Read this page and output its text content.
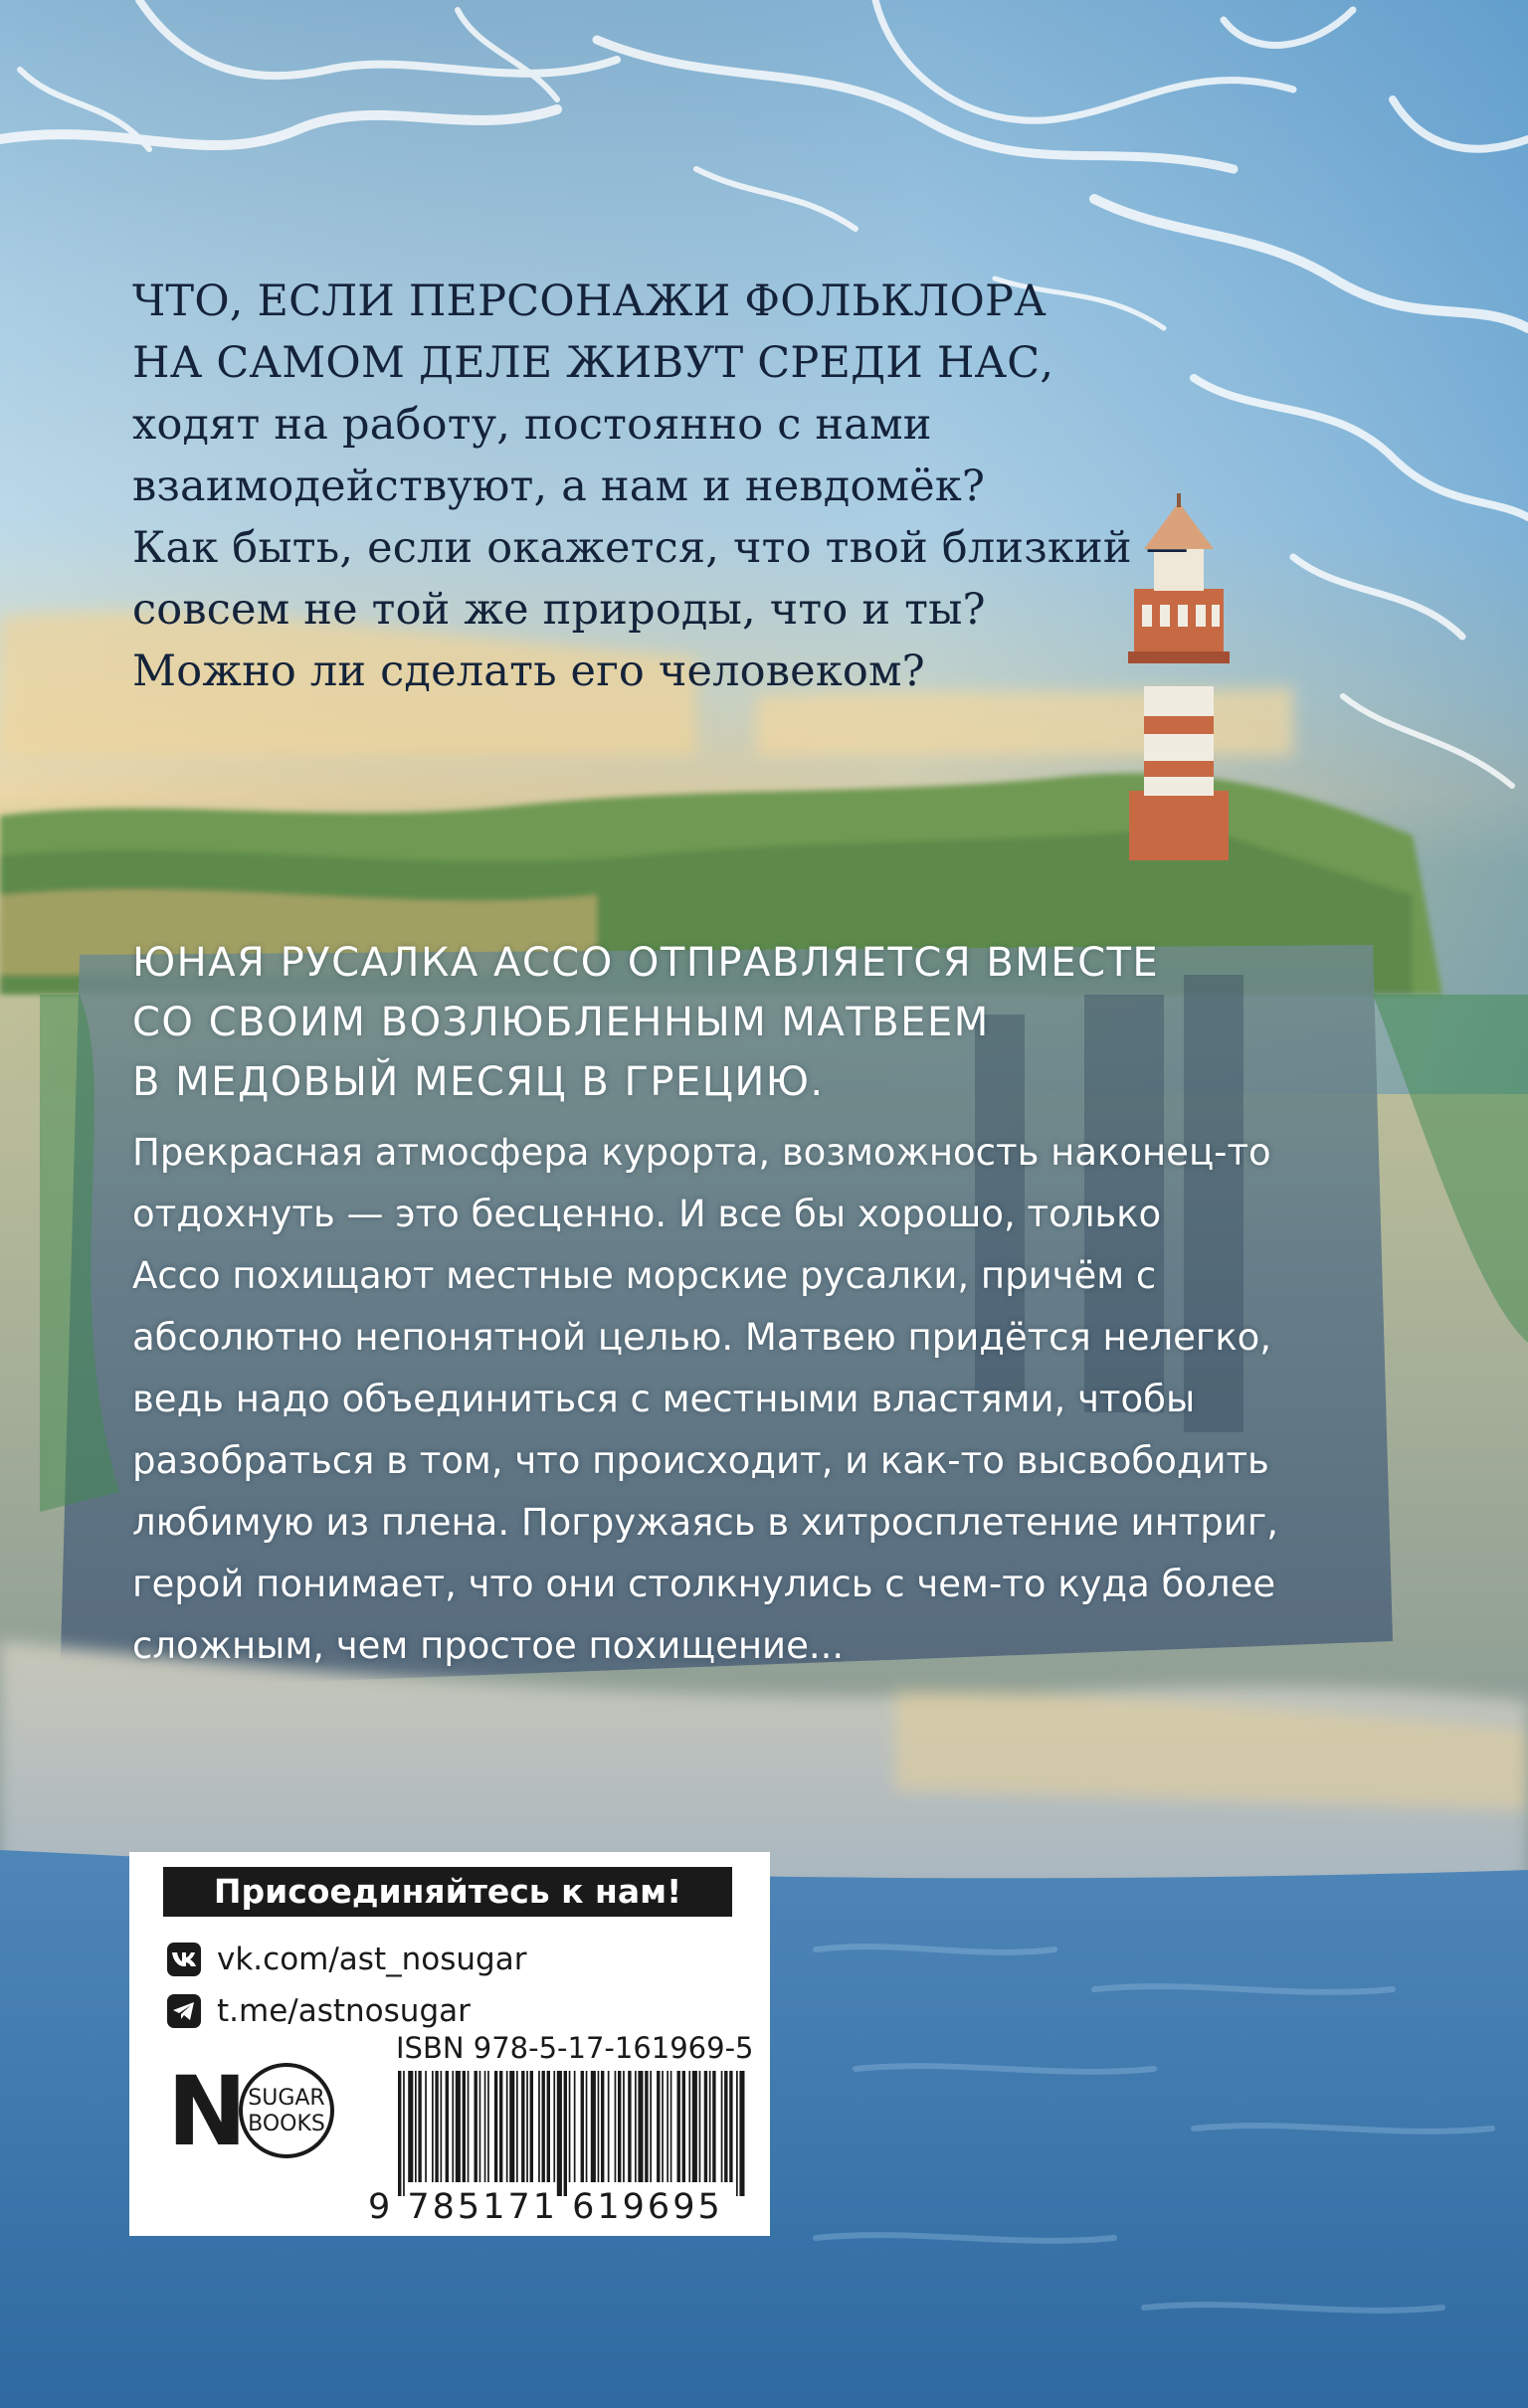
ЧТО, ЕСЛИ ПЕРСОНАЖИ ФОЛЬКЛОРА
НА САМОМ ДЕЛЕ ЖИВУТ СРЕДИ НАС,
ходят на работу, постоянно с нами
взаимодействуют, а нам и невдомёк?
Как быть, если окажется, что твой близкий —
совсем не той же природы, что и ты?
Можно ли сделать его человеком?
ЮНАЯ РУСАЛКА АССО ОТПРАВЛЯЕТСЯ ВМЕСТЕ
СО СВОИМ ВОЗЛЮБЛЕННЫМ МАТВЕЕМ
В МЕДОВЫЙ МЕСЯЦ В ГРЕЦИЮ.
Прекрасная атмосфера курорта, возможность наконец-то
отдохнуть — это бесценно. И все бы хорошо, только
Ассо похищают местные морские русалки, причём с
абсолютно непонятной целью. Матвею придётся нелегко,
ведь надо объединиться с местными властями, чтобы
разобраться в том, что происходит, и как-то высвободить
любимую из плена. Погружаясь в хитросплетение интриг,
герой понимает, что они столкнулись с чем-то куда более
сложным, чем простое похищение...
Присоединяйтесь к нам!
vk.com/ast_nosugar
t.me/astnosugar
N SUGAR
BOOKS
ISBN 978-5-17-161969-5
9 785171 619695
